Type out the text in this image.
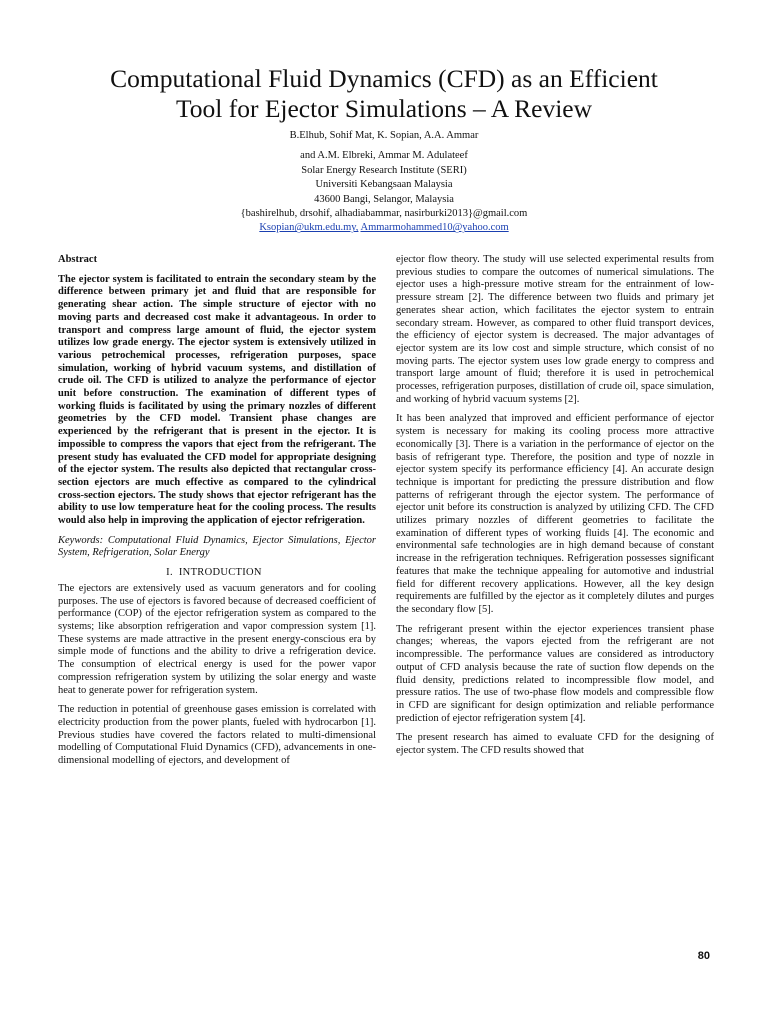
Computational Fluid Dynamics (CFD) as an Efficient
Tool for Ejector Simulations – A Review
B.Elhub, Sohif Mat, K. Sopian, A.A. Ammar
and A.M. Elbreki, Ammar M. Adulateef
Solar Energy Research Institute (SERI)
Universiti Kebangsaan Malaysia
43600 Bangi, Selangor, Malaysia
{bashirelhub, drsohif, alhadiabammar, nasirburki2013}@gmail.com
Ksopian@ukm.edu.my, Ammarmohammed10@yahoo.com

Abstract

The ejector system is facilitated to entrain the secondary steam by the difference between primary jet and fluid that are responsible for generating shear action. The simple structure of ejector with no moving parts and decreased cost make it advantageous. In order to transport and compress large amount of fluid, the ejector system utilizes low grade energy. The ejector system is extensively utilized in various petrochemical processes, refrigeration purposes, space simulation, working of hybrid vacuum systems, and distillation of crude oil. The CFD is utilized to analyze the performance of ejector unit before construction. The examination of different types of working fluids is facilitated by using the primary nozzles of different geometries by the CFD model. Transient phase changes are experienced by the refrigerant that is present in the ejector. It is impossible to compress the vapors that eject from the refrigerant. The present study has evaluated the CFD model for appropriate designing of the ejector system. The results also depicted that rectangular cross-section ejectors are much effective as compared to the cylindrical cross-section ejectors. The study shows that ejector refrigerant has the ability to use low temperature heat for the cooling process. The results would also help in improving the application of ejector refrigeration.

Keywords: Computational Fluid Dynamics, Ejector Simulations, Ejector System, Refrigeration, Solar Energy

I. INTRODUCTION

The ejectors are extensively used as vacuum generators and for cooling purposes. The use of ejectors is favored because of decreased coefficient of performance (COP) of the ejector refrigeration system as compared to the systems; like absorption refrigeration and vapor compression system [1]. These systems are made attractive in the present energy-conscious era by simple mode of functions and the ability to drive a refrigeration device. The consumption of electrical energy is used for the power vapor compression refrigeration system by utilizing the solar energy and waste heat to generate power for refrigeration system.

The reduction in potential of greenhouse gases emission is correlated with electricity production from the power plants, fueled with hydrocarbon [1]. Previous studies have covered the factors related to multi-dimensional modelling of Computational Fluid Dynamics (CFD), advancements in one-dimensional modelling of ejectors, and development of

ejector flow theory. The study will use selected experimental results from previous studies to compare the outcomes of numerical simulations. The ejector uses a high-pressure motive stream for the entrainment of low-pressure stream [2]. The difference between two fluids and primary jet generates shear action, which facilitates the ejector system to entrain secondary stream. However, as compared to other fluid transport devices, the efficiency of ejector system is decreased. The major advantages of ejector system are its low cost and simple structure, which consist of no moving parts. The ejector system uses low grade energy to compress and transport large amount of fluid; therefore it is used in petrochemical processes, refrigeration purposes, distillation of crude oil, space simulation, and working of hybrid vacuum systems [2].

It has been analyzed that improved and efficient performance of ejector system is necessary for making its cooling process more attractive economically [3]. There is a variation in the performance of ejector on the basis of refrigerant type. Therefore, the position and type of nozzle in ejector system specify its performance efficiency [4]. An accurate design technique is important for predicting the pressure distribution and flow patterns of refrigerant through the ejector system. The performance of ejector unit before its construction is analyzed by utilizing CFD. The CFD utilizes primary nozzles of different geometries to facilitate the examination of different types of working fluids [4]. The economic and environmental safe technologies are in high demand because of constant increase in the refrigeration techniques. Refrigeration possesses significant features that make the technique appealing for automotive and industrial field for different recovery applications. However, all the key design requirements are fulfilled by the ejector as it completely dilutes and purges the secondary flow [5].

The refrigerant present within the ejector experiences transient phase changes; whereas, the vapors ejected from the refrigerant are not incompressible. The performance values are considered as introductory output of CFD analysis because the rate of suction flow depends on the fluid density, predictions related to incompressible flow model, and pressure ratios. The use of two-phase flow models and compressible flow in CFD are significant for design optimization and reliable performance prediction of ejector refrigeration system [4].

The present research has aimed to evaluate CFD for the designing of ejector system. The CFD results showed that

80
